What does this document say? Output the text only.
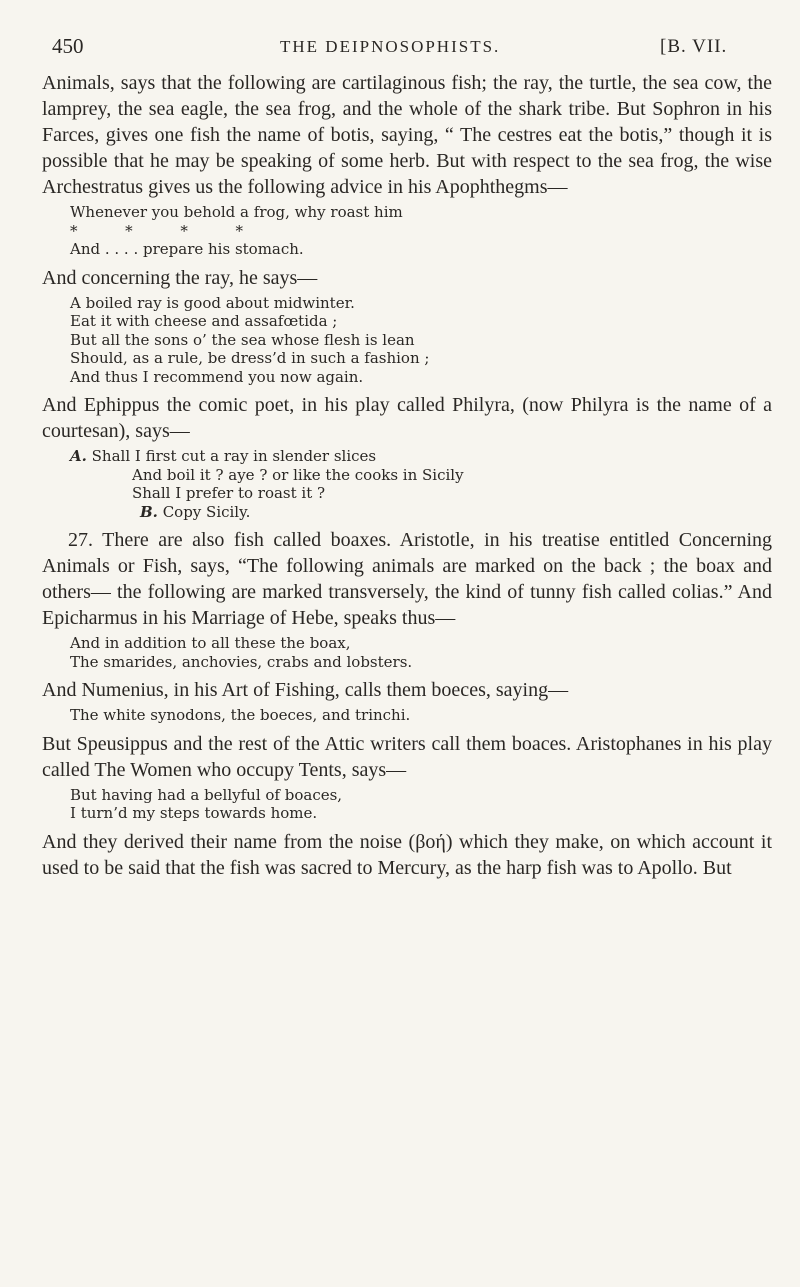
450	THE DEIPNOSOPHISTS.	[B. VII.

Animals, says that the following are cartilaginous fish; the ray, the turtle, the sea cow, the lamprey, the sea eagle, the sea frog, and the whole of the shark tribe. But Sophron in his Farces, gives one fish the name of botis, saying, “ The cestres eat the botis,” though it is possible that he may be speaking of some herb. But with respect to the sea frog, the wise Archestratus gives us the following advice in his Apophthegms—

Whenever you behold a frog, why roast him
*          *          *          *
And . . . . prepare his stomach.

And concerning the ray, he says—

A boiled ray is good about midwinter.
Eat it with cheese and assafœtida ;
But all the sons o’ the sea whose flesh is lean
Should, as a rule, be dress’d in such a fashion ;
And thus I recommend you now again.

And Ephippus the comic poet, in his play called Philyra, (now Philyra is the name of a courtesan), says—

A. Shall I first cut a ray in slender slices
And boil it ? aye ? or like the cooks in Sicily
Shall I prefer to roast it ?
B. Copy Sicily.

27. There are also fish called boaxes. Aristotle, in his treatise entitled Concerning Animals or Fish, says, “The following animals are marked on the back ; the boax and others— the following are marked transversely, the kind of tunny fish called colias.” And Epicharmus in his Marriage of Hebe, speaks thus—

And in addition to all these the boax,
The smarides, anchovies, crabs and lobsters.

And Numenius, in his Art of Fishing, calls them boeces, saying—

The white synodons, the boeces, and trinchi.

But Speusippus and the rest of the Attic writers call them boaces. Aristophanes in his play called The Women who occupy Tents, says—

But having had a bellyful of boaces,
I turn’d my steps towards home.

And they derived their name from the noise (βοή) which they make, on which account it used to be said that the fish was sacred to Mercury, as the harp fish was to Apollo. But
